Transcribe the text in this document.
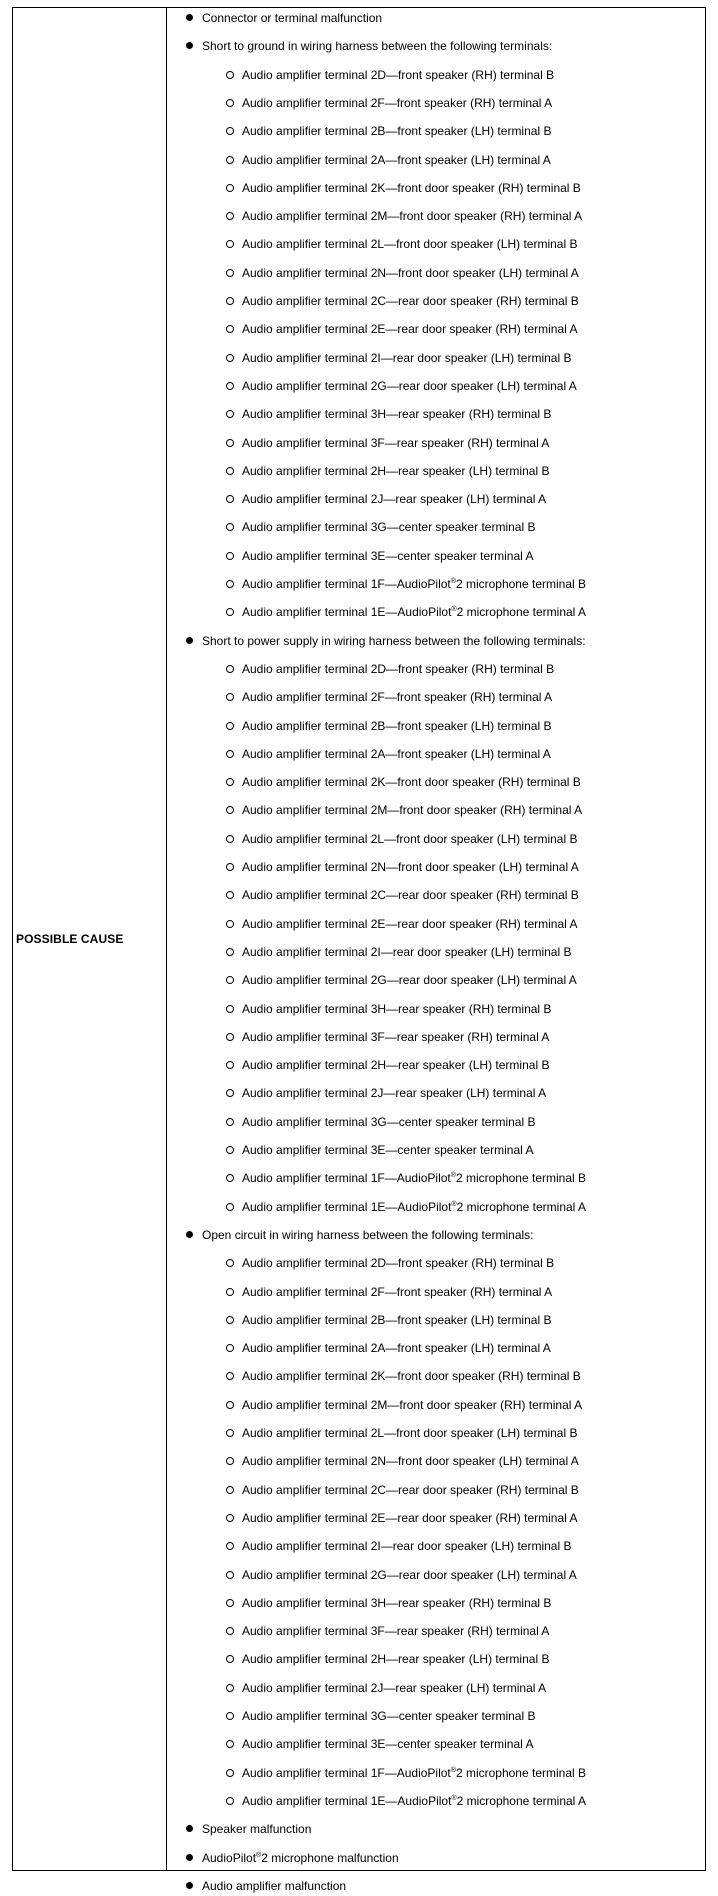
POSSIBLE CAUSE
Connector or terminal malfunction
Short to ground in wiring harness between the following terminals:
Audio amplifier terminal 2D—front speaker (RH) terminal B
Audio amplifier terminal 2F—front speaker (RH) terminal A
Audio amplifier terminal 2B—front speaker (LH) terminal B
Audio amplifier terminal 2A—front speaker (LH) terminal A
Audio amplifier terminal 2K—front door speaker (RH) terminal B
Audio amplifier terminal 2M—front door speaker (RH) terminal A
Audio amplifier terminal 2L—front door speaker (LH) terminal B
Audio amplifier terminal 2N—front door speaker (LH) terminal A
Audio amplifier terminal 2C—rear door speaker (RH) terminal B
Audio amplifier terminal 2E—rear door speaker (RH) terminal A
Audio amplifier terminal 2I—rear door speaker (LH) terminal B
Audio amplifier terminal 2G—rear door speaker (LH) terminal A
Audio amplifier terminal 3H—rear speaker (RH) terminal B
Audio amplifier terminal 3F—rear speaker (RH) terminal A
Audio amplifier terminal 2H—rear speaker (LH) terminal B
Audio amplifier terminal 2J—rear speaker (LH) terminal A
Audio amplifier terminal 3G—center speaker terminal B
Audio amplifier terminal 3E—center speaker terminal A
Audio amplifier terminal 1F—AudioPilot®2 microphone terminal B
Audio amplifier terminal 1E—AudioPilot®2 microphone terminal A
Short to power supply in wiring harness between the following terminals:
Audio amplifier terminal 2D—front speaker (RH) terminal B
Audio amplifier terminal 2F—front speaker (RH) terminal A
Audio amplifier terminal 2B—front speaker (LH) terminal B
Audio amplifier terminal 2A—front speaker (LH) terminal A
Audio amplifier terminal 2K—front door speaker (RH) terminal B
Audio amplifier terminal 2M—front door speaker (RH) terminal A
Audio amplifier terminal 2L—front door speaker (LH) terminal B
Audio amplifier terminal 2N—front door speaker (LH) terminal A
Audio amplifier terminal 2C—rear door speaker (RH) terminal B
Audio amplifier terminal 2E—rear door speaker (RH) terminal A
Audio amplifier terminal 2I—rear door speaker (LH) terminal B
Audio amplifier terminal 2G—rear door speaker (LH) terminal A
Audio amplifier terminal 3H—rear speaker (RH) terminal B
Audio amplifier terminal 3F—rear speaker (RH) terminal A
Audio amplifier terminal 2H—rear speaker (LH) terminal B
Audio amplifier terminal 2J—rear speaker (LH) terminal A
Audio amplifier terminal 3G—center speaker terminal B
Audio amplifier terminal 3E—center speaker terminal A
Audio amplifier terminal 1F—AudioPilot®2 microphone terminal B
Audio amplifier terminal 1E—AudioPilot®2 microphone terminal A
Open circuit in wiring harness between the following terminals:
Audio amplifier terminal 2D—front speaker (RH) terminal B
Audio amplifier terminal 2F—front speaker (RH) terminal A
Audio amplifier terminal 2B—front speaker (LH) terminal B
Audio amplifier terminal 2A—front speaker (LH) terminal A
Audio amplifier terminal 2K—front door speaker (RH) terminal B
Audio amplifier terminal 2M—front door speaker (RH) terminal A
Audio amplifier terminal 2L—front door speaker (LH) terminal B
Audio amplifier terminal 2N—front door speaker (LH) terminal A
Audio amplifier terminal 2C—rear door speaker (RH) terminal B
Audio amplifier terminal 2E—rear door speaker (RH) terminal A
Audio amplifier terminal 2I—rear door speaker (LH) terminal B
Audio amplifier terminal 2G—rear door speaker (LH) terminal A
Audio amplifier terminal 3H—rear speaker (RH) terminal B
Audio amplifier terminal 3F—rear speaker (RH) terminal A
Audio amplifier terminal 2H—rear speaker (LH) terminal B
Audio amplifier terminal 2J—rear speaker (LH) terminal A
Audio amplifier terminal 3G—center speaker terminal B
Audio amplifier terminal 3E—center speaker terminal A
Audio amplifier terminal 1F—AudioPilot®2 microphone terminal B
Audio amplifier terminal 1E—AudioPilot®2 microphone terminal A
Speaker malfunction
AudioPilot®2 microphone malfunction
Audio amplifier malfunction
